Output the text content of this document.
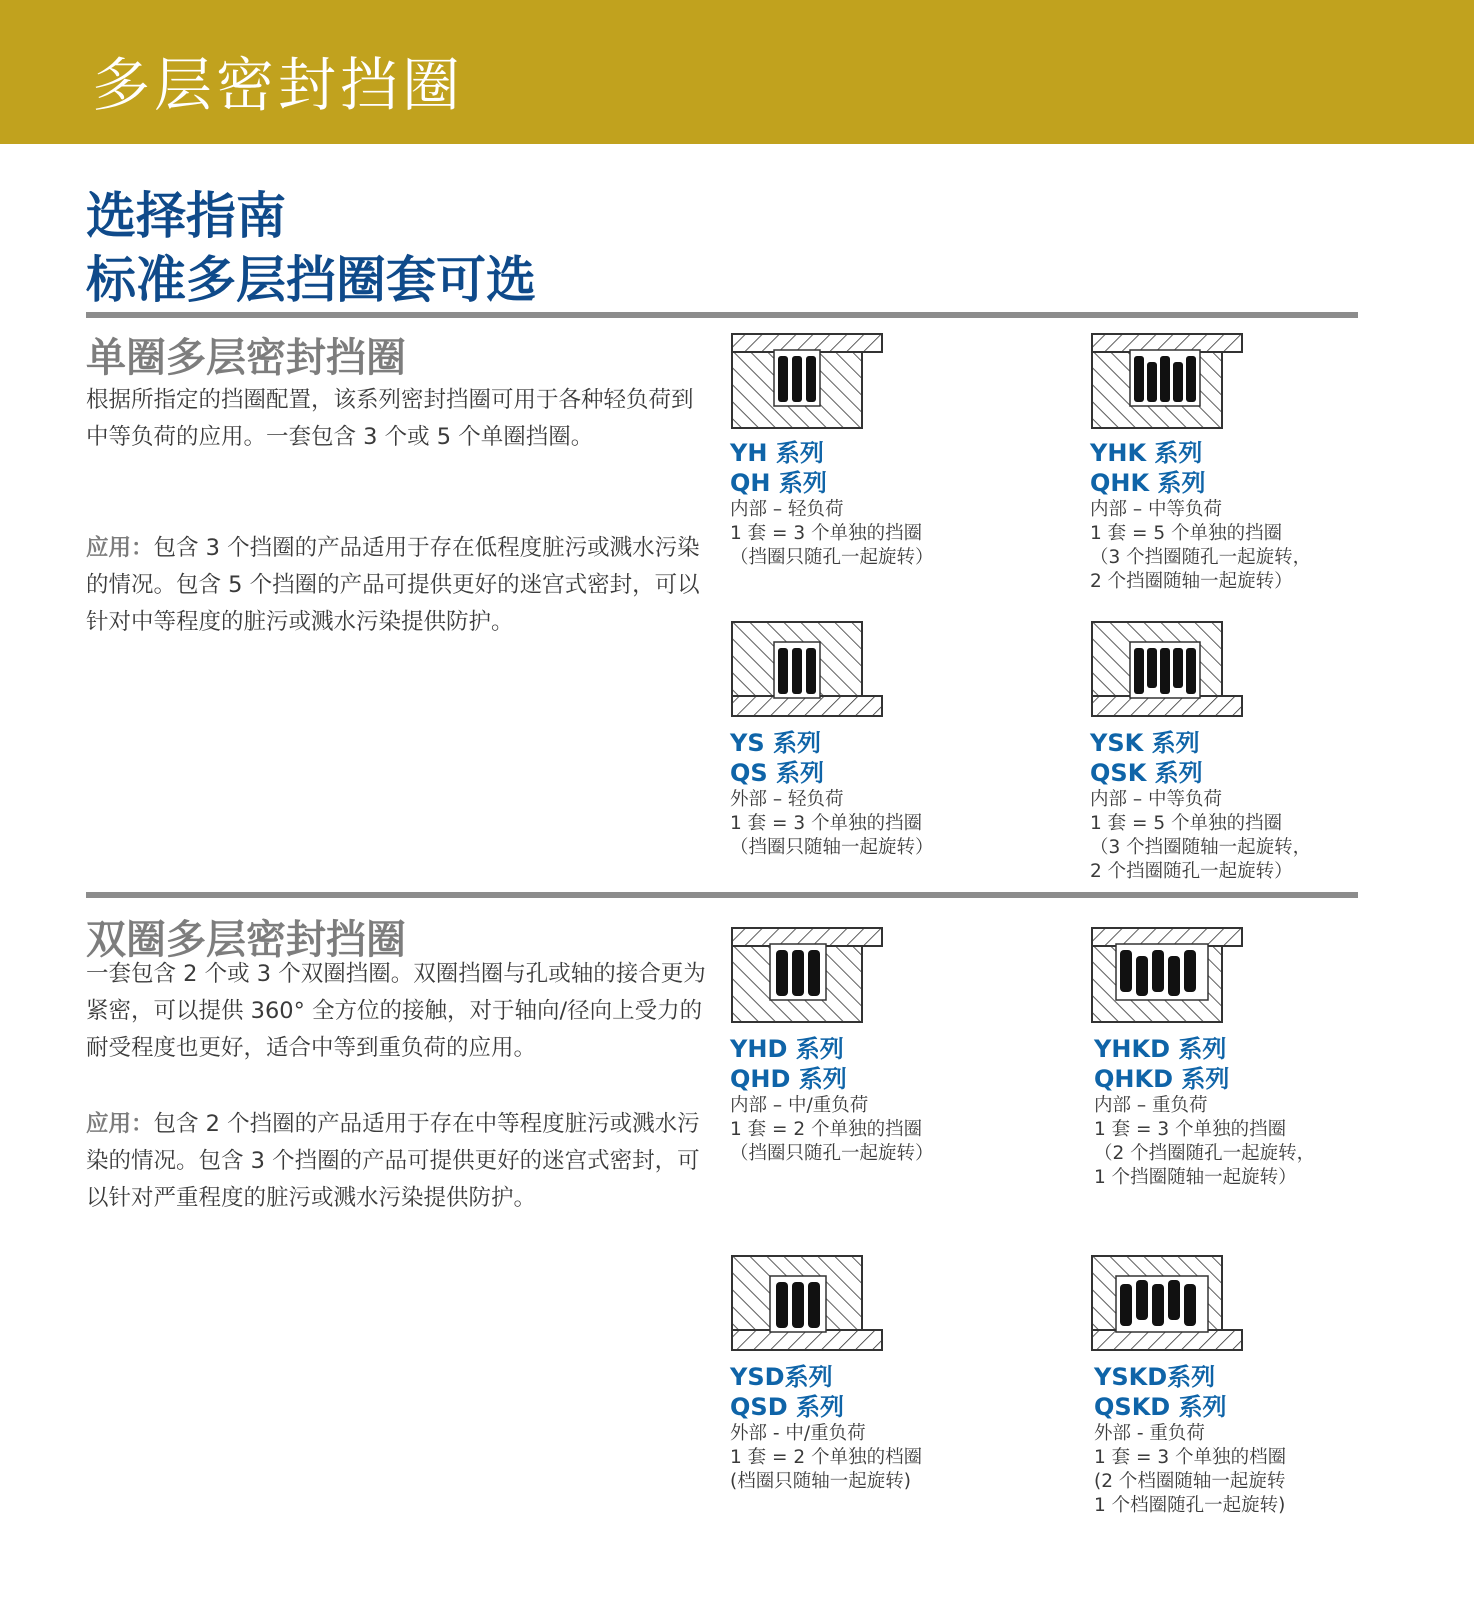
多层密封挡圈
选择指南
标准多层挡圈套可选
单圈多层密封挡圈
根据所指定的挡圈配置，该系列密封挡圈可用于各种轻负荷到中等负荷的应用。一套包含 3 个或 5 个单圈挡圈。
应用：包含 3 个挡圈的产品适用于存在低程度脏污或溅水污染的情况。包含 5 个挡圈的产品可提供更好的迷宫式密封，可以针对中等程度的脏污或溅水污染提供防护。
双圈多层密封挡圈
一套包含 2 个或 3 个双圈挡圈。双圈挡圈与孔或轴的接合更为紧密，可以提供 360° 全方位的接触，对于轴向/径向上受力的耐受程度也更好，适合中等到重负荷的应用。
应用：包含 2 个挡圈的产品适用于存在中等程度脏污或溅水污染的情况。包含 3 个挡圈的产品可提供更好的迷宫式密封，可以针对严重程度的脏污或溅水污染提供防护。
YH 系列
QH 系列
内部 – 轻负荷
1 套 = 3 个单独的挡圈
（挡圈只随孔一起旋转）
YHK 系列
QHK 系列
内部 – 中等负荷
1 套 = 5 个单独的挡圈
（3 个挡圈随孔一起旋转，
2 个挡圈随轴一起旋转）
YS 系列
QS 系列
外部 – 轻负荷
1 套 = 3 个单独的挡圈
（挡圈只随轴一起旋转）
YSK 系列
QSK 系列
内部 – 中等负荷
1 套 = 5 个单独的挡圈
（3 个挡圈随轴一起旋转，
2 个挡圈随孔一起旋转）
YHD 系列
QHD 系列
内部 – 中/重负荷
1 套 = 2 个单独的挡圈
（挡圈只随孔一起旋转）
YHKD 系列
QHKD 系列
内部 – 重负荷
1 套 = 3 个单独的挡圈
（2 个挡圈随孔一起旋转，
1 个挡圈随轴一起旋转）
YSD系列
QSD 系列
外部 - 中/重负荷
1 套 = 2 个单独的档圈
(档圈只随轴一起旋转)
YSKD系列
QSKD 系列
外部 - 重负荷
1 套 = 3 个单独的档圈
(2 个档圈随轴一起旋转
1 个档圈随孔一起旋转)
